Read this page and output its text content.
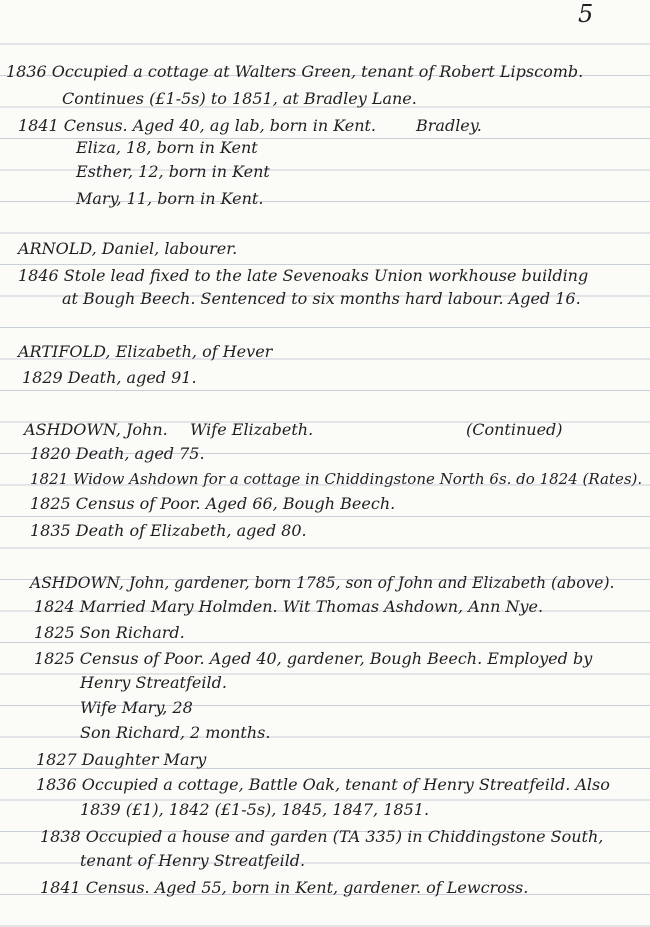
5
1836 Occupied a cottage at Walters Green, tenant of Robert Lipscomb.
Continues (£1-5s) to 1851, at Bradley Lane.
1841 Census. Aged 40, ag lab, born in Kent. Bradley.
Eliza, 18, born in Kent
Esther, 12, born in Kent
Mary, 11, born in Kent.
ARNOLD, Daniel, labourer.
1846 Stole lead fixed to the late Sevenoaks Union workhouse building
at Bough Beech. Sentenced to six months hard labour. Aged 16.
ARTIFOLD, Elizabeth, of Hever
1829 Death, aged 91.
ASHDOWN, John. Wife Elizabeth.	(Continued)
1820 Death, aged 75.
1821 Widow Ashdown for a cottage in Chiddingstone North 6s. do 1824 (Rates).
1825 Census of Poor. Aged 66, Bough Beech.
1835 Death of Elizabeth, aged 80.
ASHDOWN, John, gardener, born 1785, son of John and Elizabeth (above).
1824 Married Mary Holmden. Wit Thomas Ashdown, Ann Nye.
1825 Son Richard.
1825 Census of Poor. Aged 40, gardener, Bough Beech. Employed by
Henry Streatfeild.
Wife Mary, 28
Son Richard, 2 months.
1827 Daughter Mary
1836 Occupied a cottage, Battle Oak, tenant of Henry Streatfeild. Also
1839 (£1), 1842 (£1-5s), 1845, 1847, 1851.
1838 Occupied a house and garden (TA 335) in Chiddingstone South,
tenant of Henry Streatfeild.
1841 Census. Aged 55, born in Kent, gardener. of Lewcross.
